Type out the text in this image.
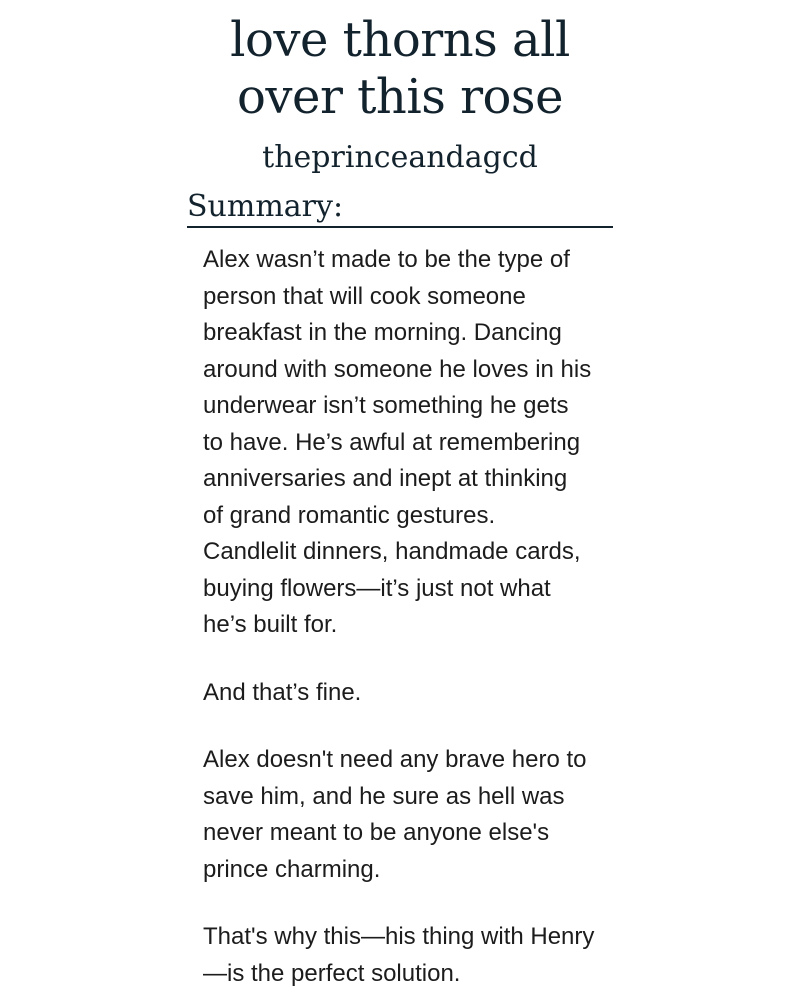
love thorns all
over this rose
theprinceandagcd
Summary:

Alex wasn’t made to be the type of
person that will cook someone
breakfast in the morning. Dancing
around with someone he loves in his
underwear isn’t something he gets
to have. He’s awful at remembering
anniversaries and inept at thinking
of grand romantic gestures.
Candlelit dinners, handmade cards,
buying flowers—it’s just not what
he’s built for.

And that’s fine.

Alex doesn't need any brave hero to
save him, and he sure as hell was
never meant to be anyone else's
prince charming.

That's why this—his thing with Henry
—is the perfect solution.
